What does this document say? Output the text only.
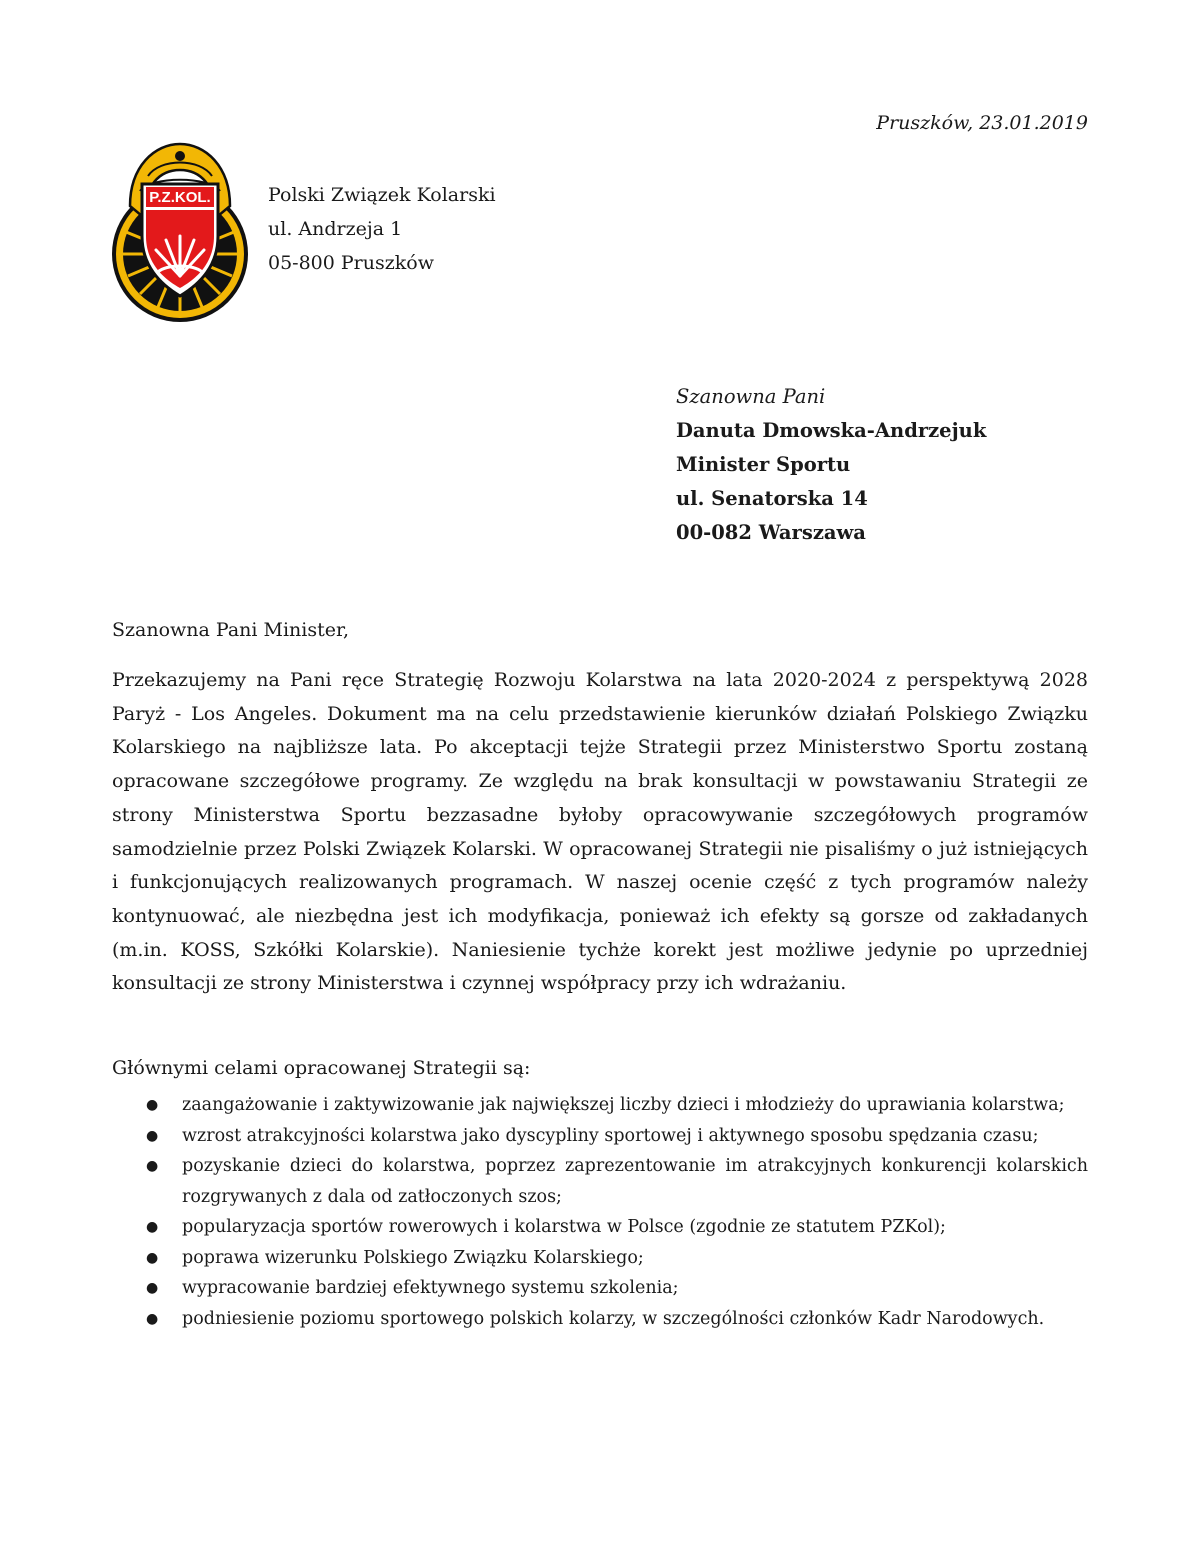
Pruszków, 23.01.2019
P.Z.KOL.	Polski Związek Kolarski
ul. Andrzeja 1
05-800 Pruszków
Szanowna Pani
Danuta Dmowska-Andrzejuk
Minister Sportu
ul. Senatorska 14
00-082 Warszawa
Szanowna Pani Minister,
Przekazujemy na Pani ręce Strategię Rozwoju Kolarstwa na lata 2020-2024 z perspektywą 2028 Paryż - Los Angeles. Dokument ma na celu przedstawienie kierunków działań Polskiego Związku Kolarskiego na najbliższe lata. Po akceptacji tejże Strategii przez Ministerstwo Sportu zostaną opracowane szczegółowe programy. Ze względu na brak konsultacji w powstawaniu Strategii ze strony Ministerstwa Sportu bezzasadne byłoby opracowywanie szczegółowych programów samodzielnie przez Polski Związek Kolarski. W opracowanej Strategii nie pisaliśmy o już istniejących i funkcjonujących realizowanych programach. W naszej ocenie część z tych programów należy kontynuować, ale niezbędna jest ich modyfikacja, ponieważ ich efekty są gorsze od zakładanych (m.in. KOSS, Szkółki Kolarskie). Naniesienie tychże korekt jest możliwe jedynie po uprzedniej konsultacji ze strony Ministerstwa i czynnej współpracy przy ich wdrażaniu.
Głównymi celami opracowanej Strategii są:
● zaangażowanie i zaktywizowanie jak największej liczby dzieci i młodzieży do uprawiania kolarstwa;
● wzrost atrakcyjności kolarstwa jako dyscypliny sportowej i aktywnego sposobu spędzania czasu;
● pozyskanie dzieci do kolarstwa, poprzez zaprezentowanie im atrakcyjnych konkurencji kolarskich rozgrywanych z dala od zatłoczonych szos;
● popularyzacja sportów rowerowych i kolarstwa w Polsce (zgodnie ze statutem PZKol);
● poprawa wizerunku Polskiego Związku Kolarskiego;
● wypracowanie bardziej efektywnego systemu szkolenia;
● podniesienie poziomu sportowego polskich kolarzy, w szczególności członków Kadr Narodowych.
